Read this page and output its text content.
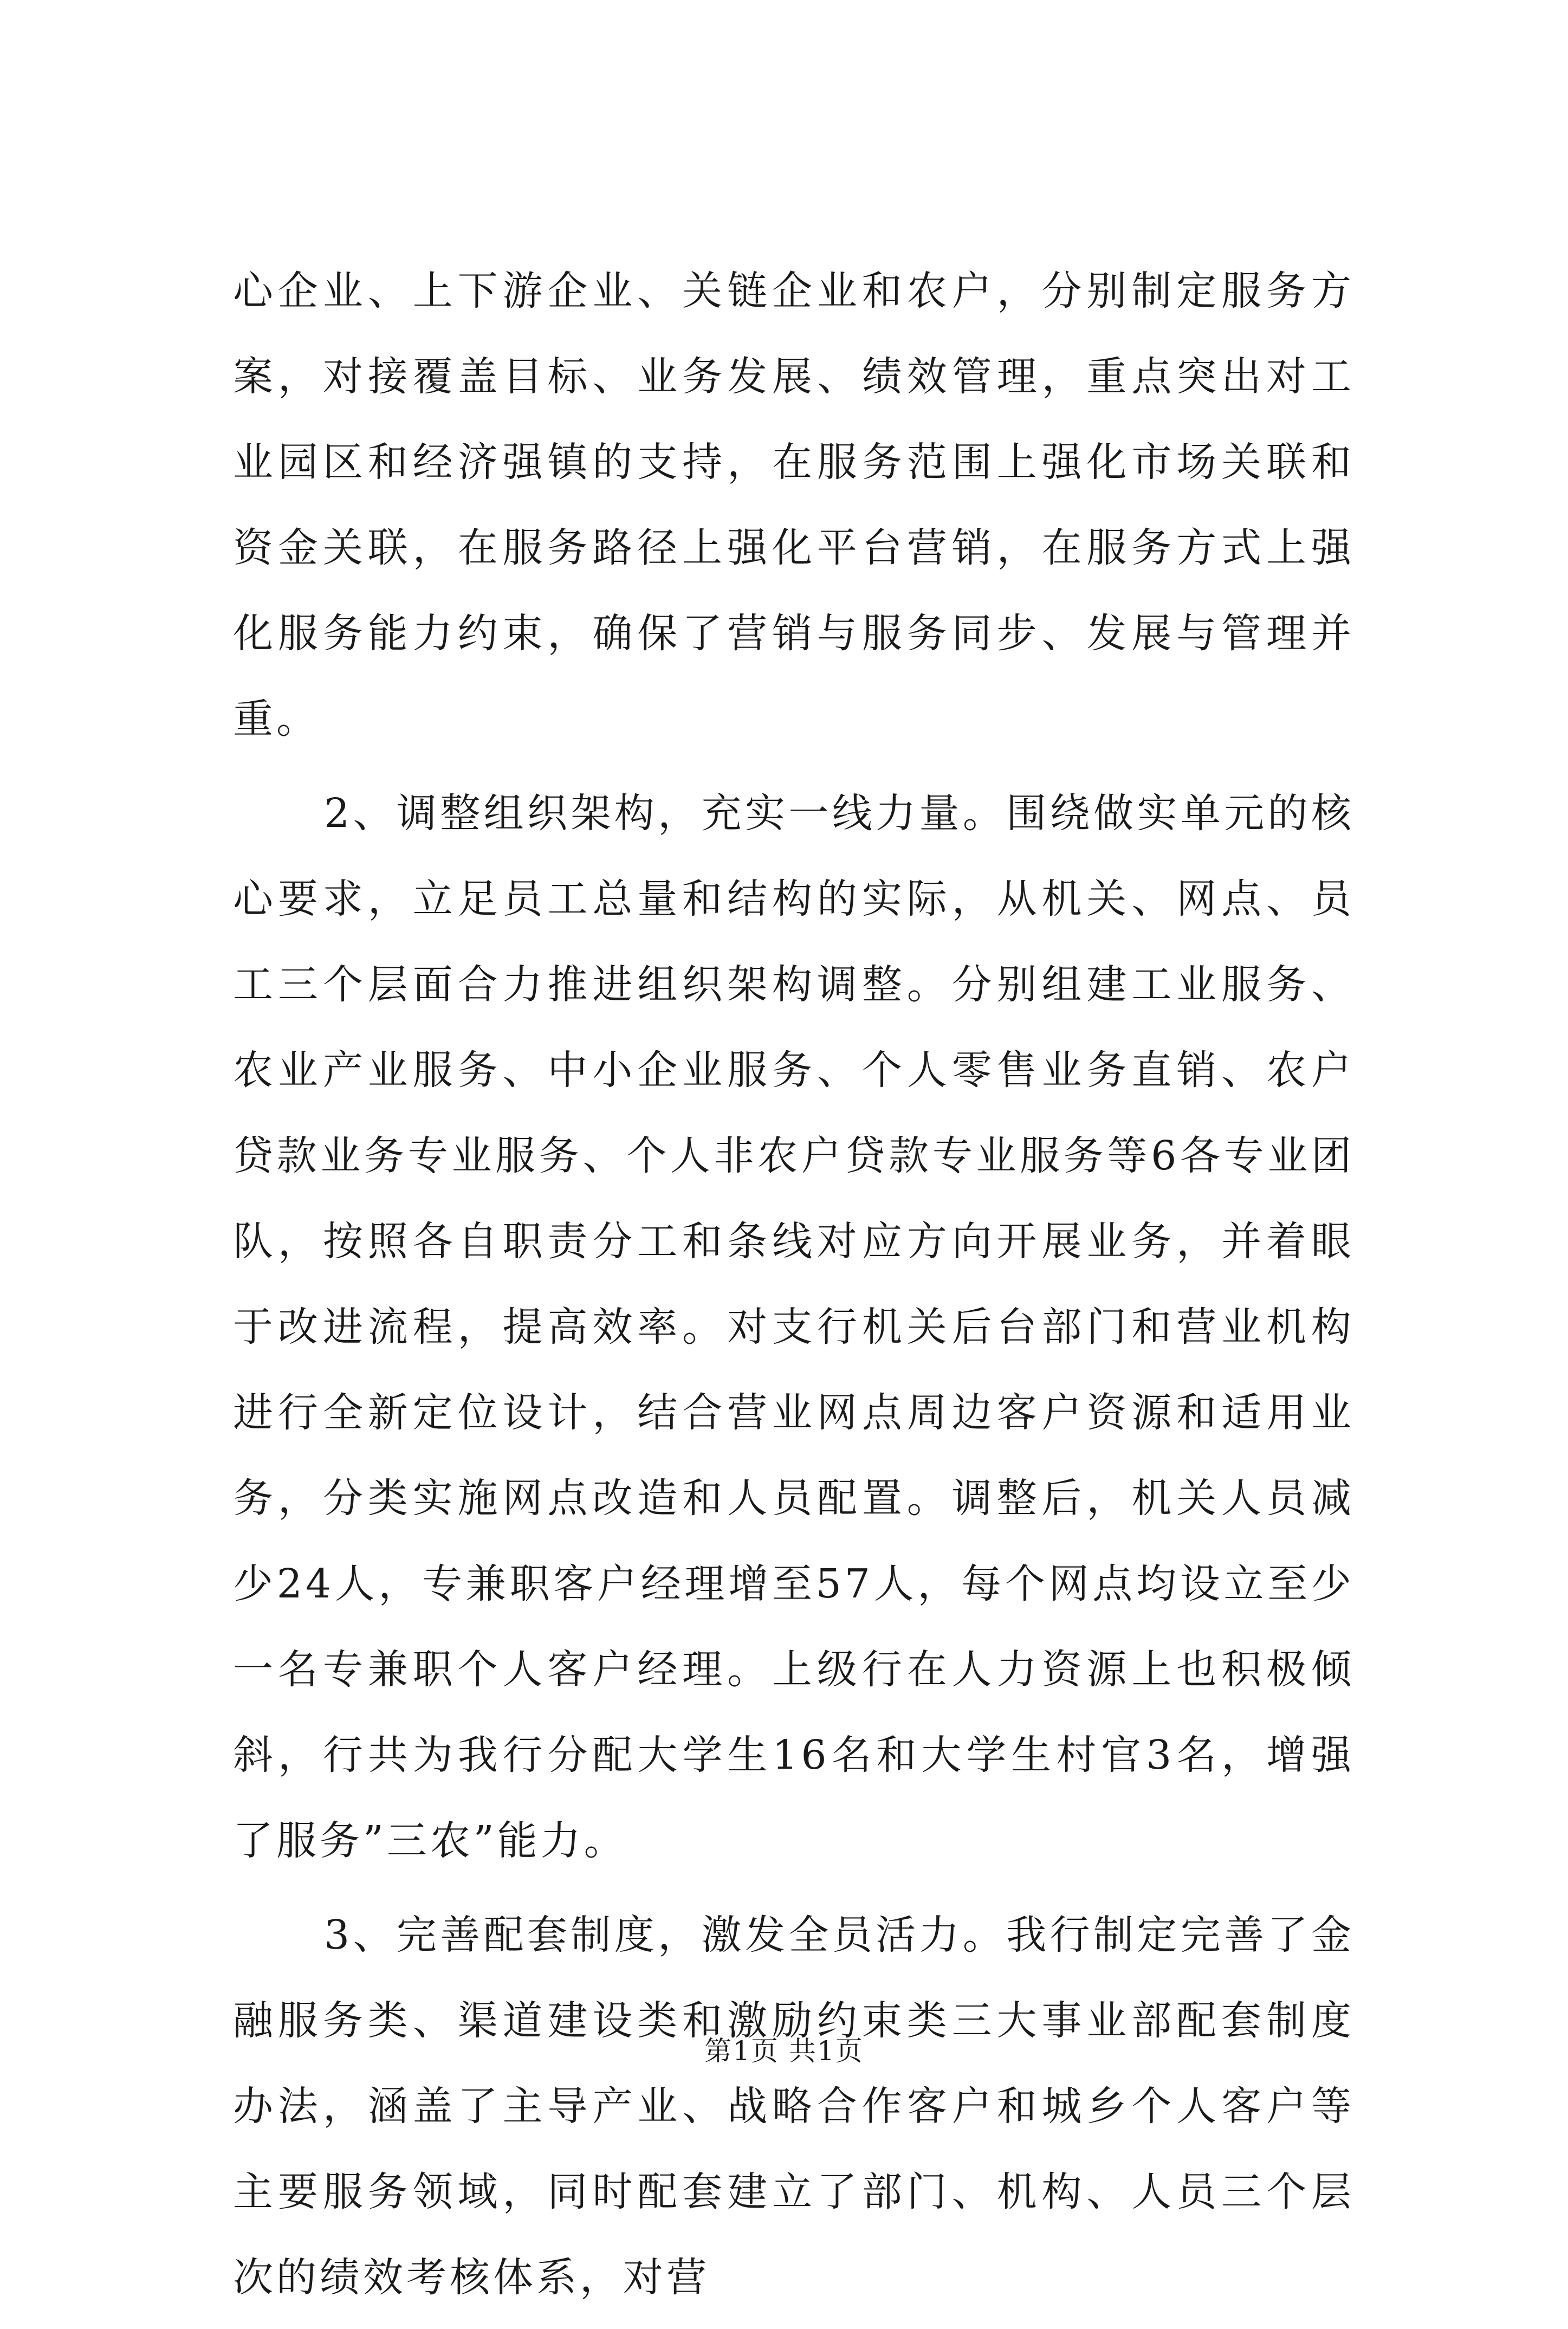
心企业、上下游企业、关链企业和农户，分别制定服务方案，对接覆盖目标、业务发展、绩效管理，重点突出对工业园区和经济强镇的支持，在服务范围上强化市场关联和资金关联，在服务路径上强化平台营销，在服务方式上强化服务能力约束，确保了营销与服务同步、发展与管理并重。

2、调整组织架构，充实一线力量。围绕做实单元的核心要求，立足员工总量和结构的实际，从机关、网点、员工三个层面合力推进组织架构调整。分别组建工业服务、农业产业服务、中小企业服务、个人零售业务直销、农户贷款业务专业服务、个人非农户贷款专业服务等6各专业团队，按照各自职责分工和条线对应方向开展业务，并着眼于改进流程，提高效率。对支行机关后台部门和营业机构进行全新定位设计，结合营业网点周边客户资源和适用业务，分类实施网点改造和人员配置。调整后，机关人员减少24人，专兼职客户经理增至57人，每个网点均设立至少一名专兼职个人客户经理。上级行在人力资源上也积极倾斜，行共为我行分配大学生16名和大学生村官3名，增强了服务”三农”能力。

3、完善配套制度，激发全员活力。我行制定完善了金融服务类、渠道建设类和激励约束类三大事业部配套制度办法，涵盖了主导产业、战略合作客户和城乡个人客户等主要服务领域，同时配套建立了部门、机构、人员三个层次的绩效考核体系，对营

第1页 共1页
